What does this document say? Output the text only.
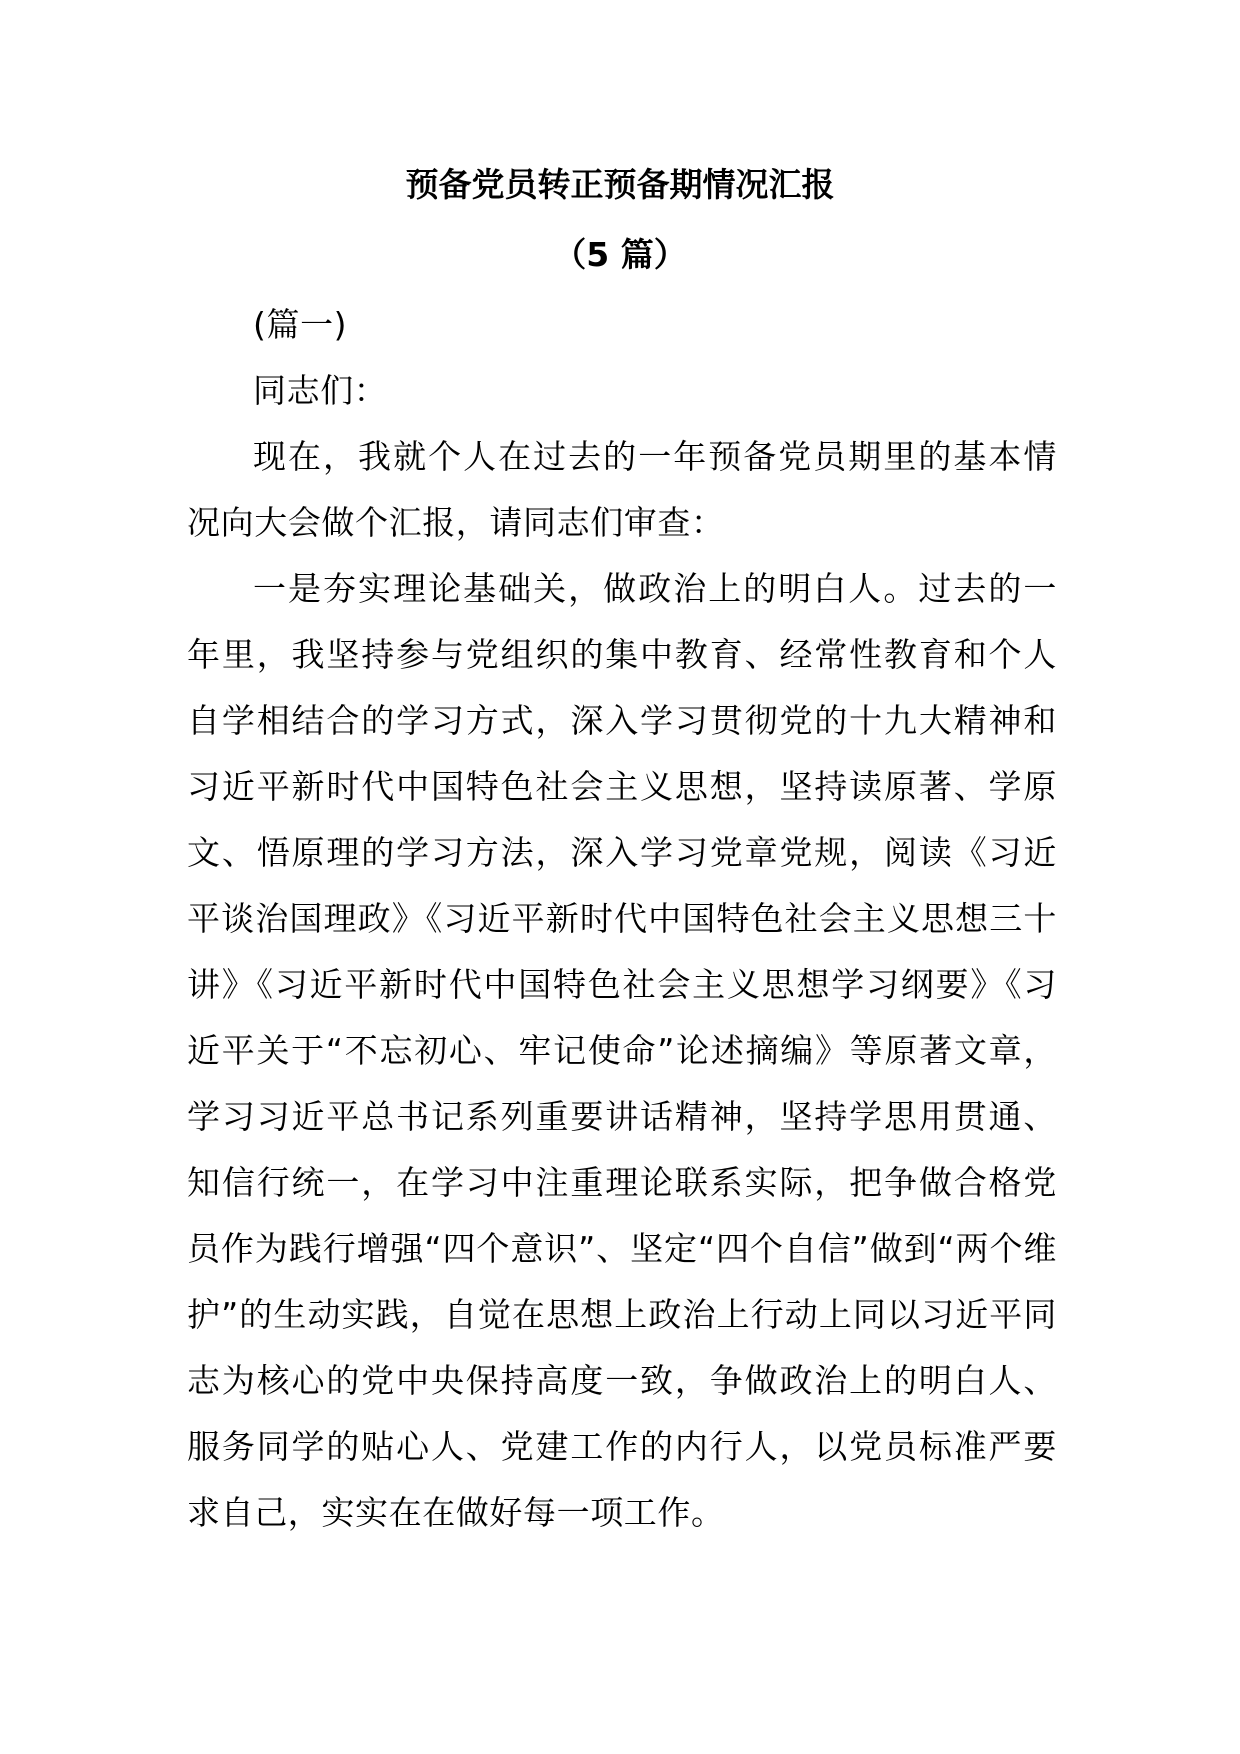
预备党员转正预备期情况汇报
（5 篇）

(篇一)

同志们：

现在，我就个人在过去的一年预备党员期里的基本情况向大会做个汇报，请同志们审查：

一是夯实理论基础关，做政治上的明白人。过去的一年里，我坚持参与党组织的集中教育、经常性教育和个人自学相结合的学习方式，深入学习贯彻党的十九大精神和习近平新时代中国特色社会主义思想，坚持读原著、学原文、悟原理的学习方法，深入学习党章党规，阅读《习近平谈治国理政》《习近平新时代中国特色社会主义思想三十讲》《习近平新时代中国特色社会主义思想学习纲要》《习近平关于“不忘初心、牢记使命”论述摘编》等原著文章，学习习近平总书记系列重要讲话精神，坚持学思用贯通、知信行统一，在学习中注重理论联系实际，把争做合格党员作为践行增强“四个意识”、坚定“四个自信”做到“两个维护”的生动实践，自觉在思想上政治上行动上同以习近平同志为核心的党中央保持高度一致，争做政治上的明白人、服务同学的贴心人、党建工作的内行人，以党员标准严要求自己，实实在在做好每一项工作。
